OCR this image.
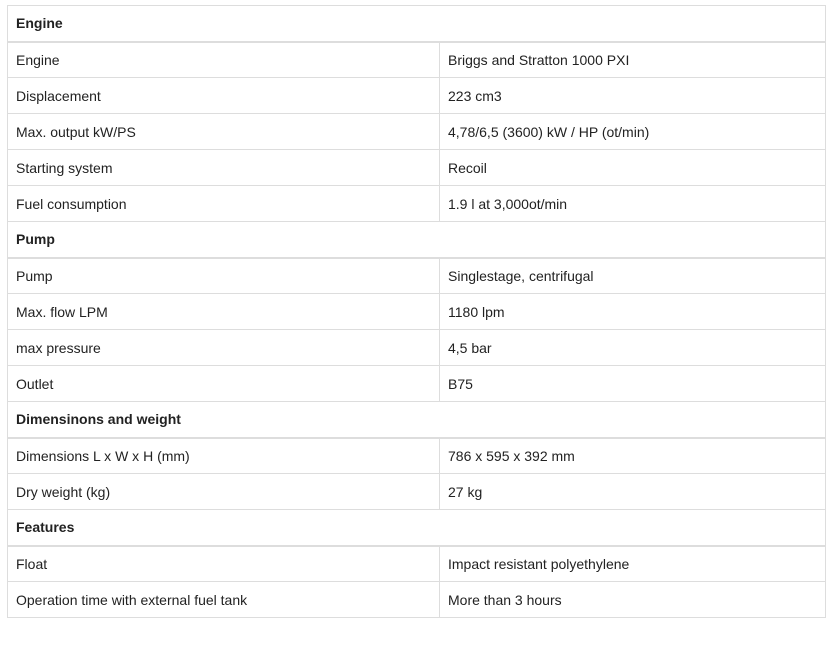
Engine	
Engine	Briggs and Stratton 1000 PXI
Displacement	223 cm3
Max. output kW/PS	4,78/6,5 (3600) kW / HP (ot/min)
Starting system	Recoil
Fuel consumption	1.9 l at 3,000ot/min
Pump	
Pump	Singlestage, centrifugal
Max. flow LPM	1180 lpm
max pressure	4,5 bar
Outlet	B75
Dimensinons and weight	
Dimensions L x W x H (mm)	786 x 595 x 392 mm
Dry weight (kg)	27 kg
Features	
Float	Impact resistant polyethylene
Operation time with external fuel tank	More than 3 hours
